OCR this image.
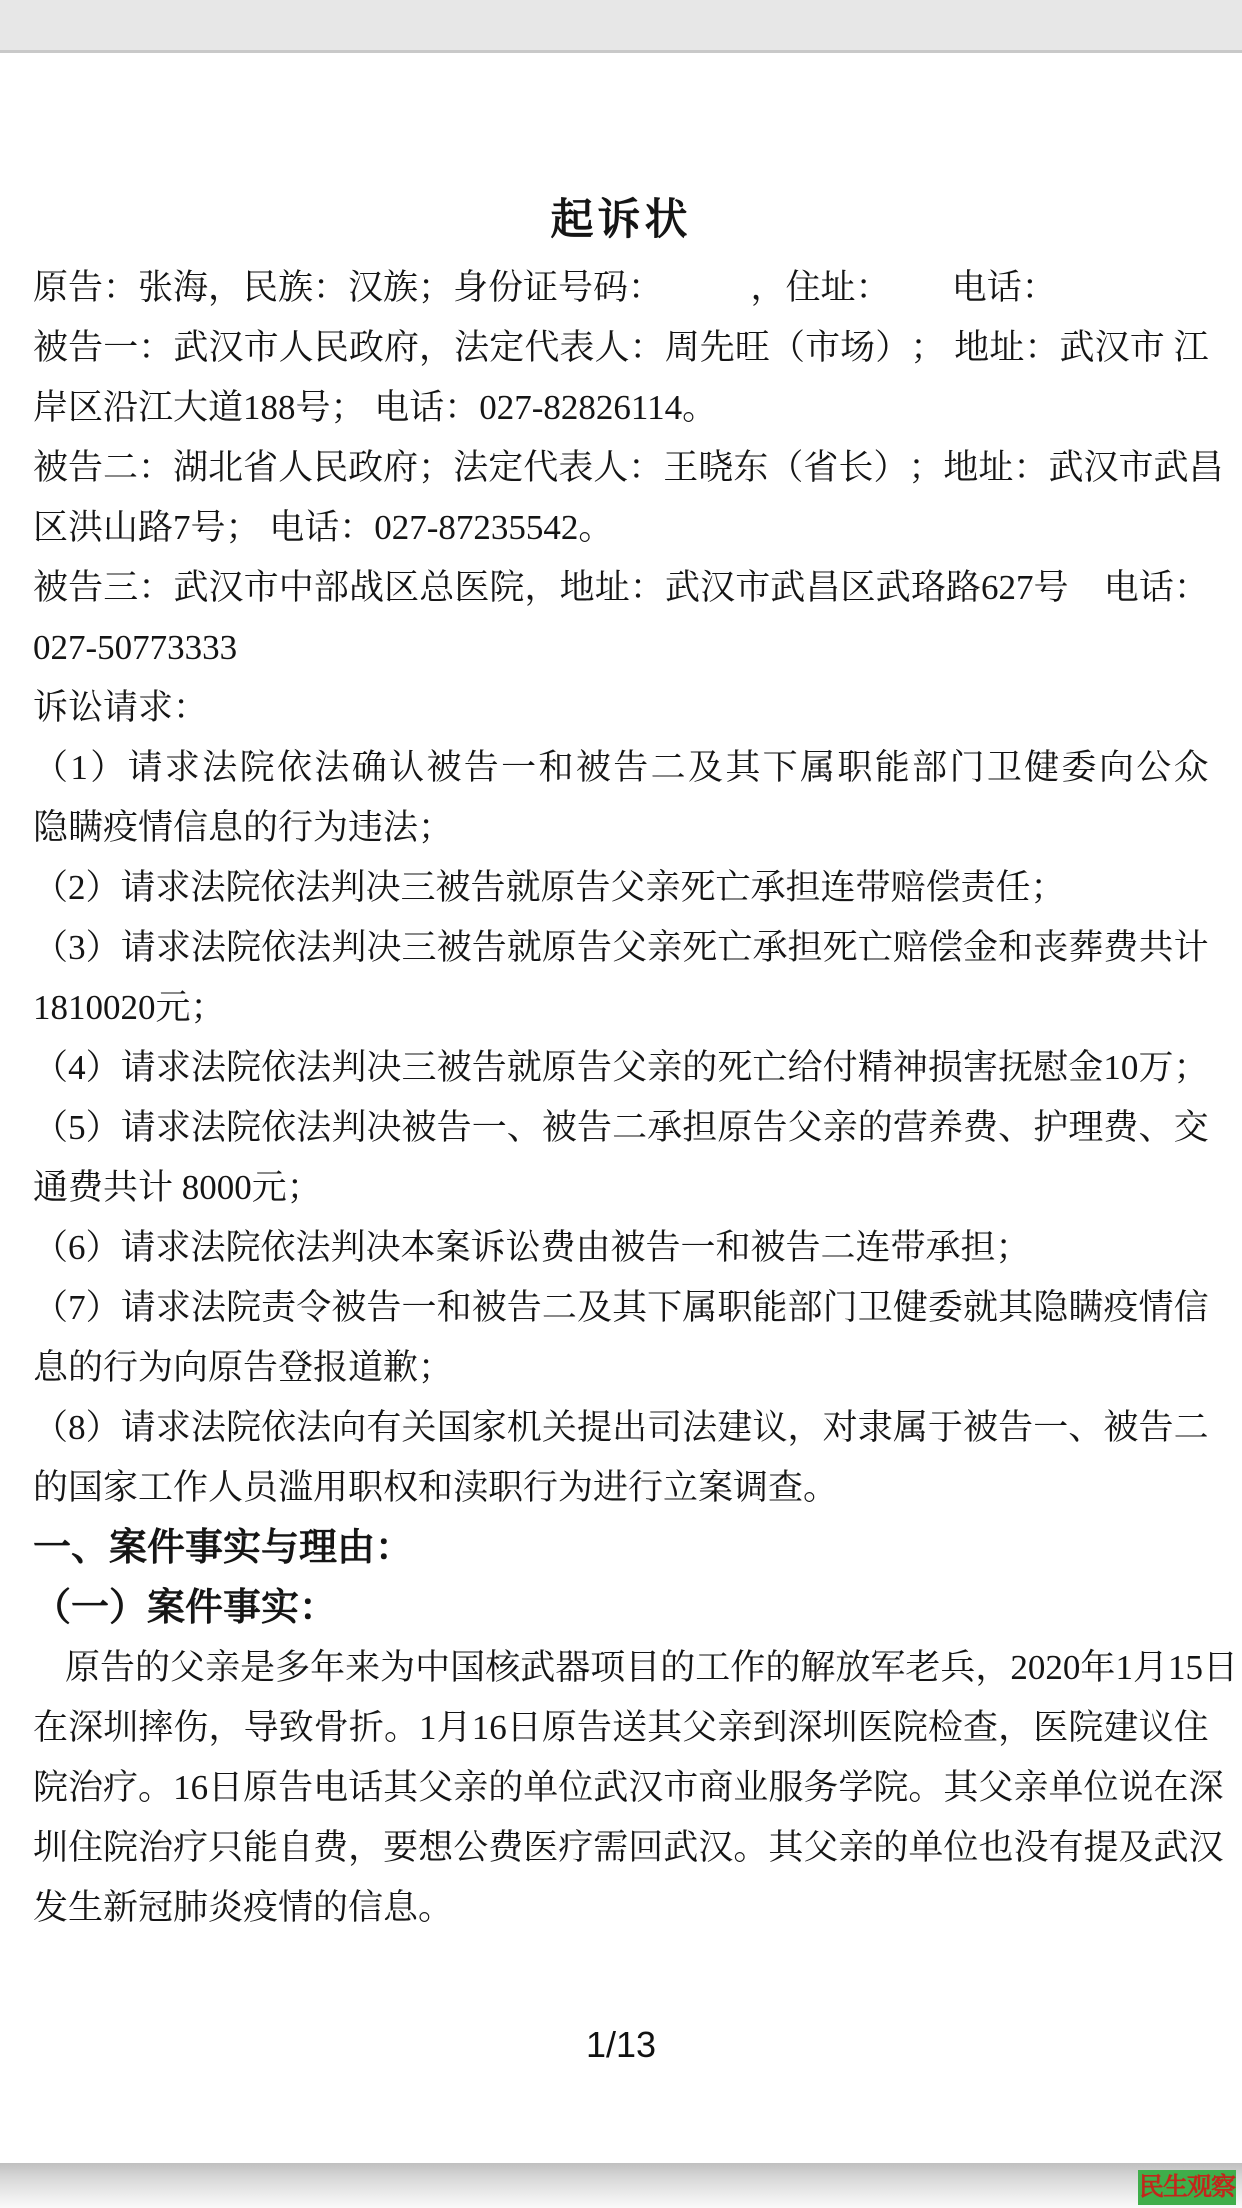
起诉状
原告：张海，民族：汉族；身份证号码：　　　，住址：　　 电话：
被 告 一 ： 武 汉 市 人 民 政 府 ， 法 定 代 表 人 ： 周 先 旺 （ 市 场 ） ；
地 址 ： 武 汉 市
江
岸区沿江大道188号； 电话：027-82826114。
被 告 二 ： 湖 北 省 人 民 政 府 ； 法 定 代 表 人 ： 王 晓 东 （ 省 长 ） ； 地 址 ： 武 汉 市 武 昌
区洪山路7号； 电话：027-87235542。
被 告 三 ： 武 汉 市 中 部 战 区 总 医 院 ， 地 址 ： 武 汉 市 武 昌 区 武 珞 路 627 号
　 电 话 ：
027-50773333
诉讼请求：
（ 1 ） 请 求 法 院 依 法 确 认 被 告 一 和 被 告 二 及 其 下 属 职 能 部 门 卫 健 委 向 公 众
隐瞒疫情信息的行为违法；
（2）请求法院依法判决三被告就原告父亲死亡承担连带赔偿责任；
（ 3 ） 请 求 法 院 依 法 判 决 三 被 告 就 原 告 父 亲 死 亡 承 担 死 亡 赔 偿 金 和 丧 葬 费 共 计
1810020元；
（ 4 ） 请 求 法 院 依 法 判 决 三 被 告 就 原 告 父 亲 的 死 亡 给 付 精 神 损 害 抚 慰 金 10 万 ；
（ 5 ） 请 求 法 院 依 法 判 决 被 告 一 、 被 告 二 承 担 原 告 父 亲 的 营 养 费 、 护 理 费 、 交
通费共计 8000元；
（6）请求法院依法判决本案诉讼费由被告一和被告二连带承担；
（ 7 ） 请 求 法 院 责 令 被 告 一 和 被 告 二 及 其 下 属 职 能 部 门 卫 健 委 就 其 隐 瞒 疫 情 信
息的行为向原告登报道歉；
（ 8 ） 请 求 法 院 依 法 向 有 关 国 家 机 关 提 出 司 法 建 议 ， 对 隶 属 于 被 告 一 、 被 告 二
的国家工作人员滥用职权和渎职行为进行立案调查。
一、案件事实与理由：
（一）案件事实：
原 告 的 父 亲 是 多 年 来 为 中 国 核 武 器 项 目 的 工 作 的 解 放 军 老 兵 ， 2020 年 1 月 15 日
在 深 圳 摔 伤 ， 导 致 骨 折 。 1 月 16 日 原 告 送 其 父 亲 到 深 圳 医 院 检 查 ， 医 院 建 议 住
院 治 疗 。 16 日 原 告 电 话 其 父 亲 的 单 位 武 汉 市 商 业 服 务 学 院 。 其 父 亲 单 位 说 在 深
圳 住 院 治 疗 只 能 自 费 ， 要 想 公 费 医 疗 需 回 武 汉 。 其 父 亲 的 单 位 也 没 有 提 及 武 汉
发生新冠肺炎疫情的信息。
1/13
民生观察
